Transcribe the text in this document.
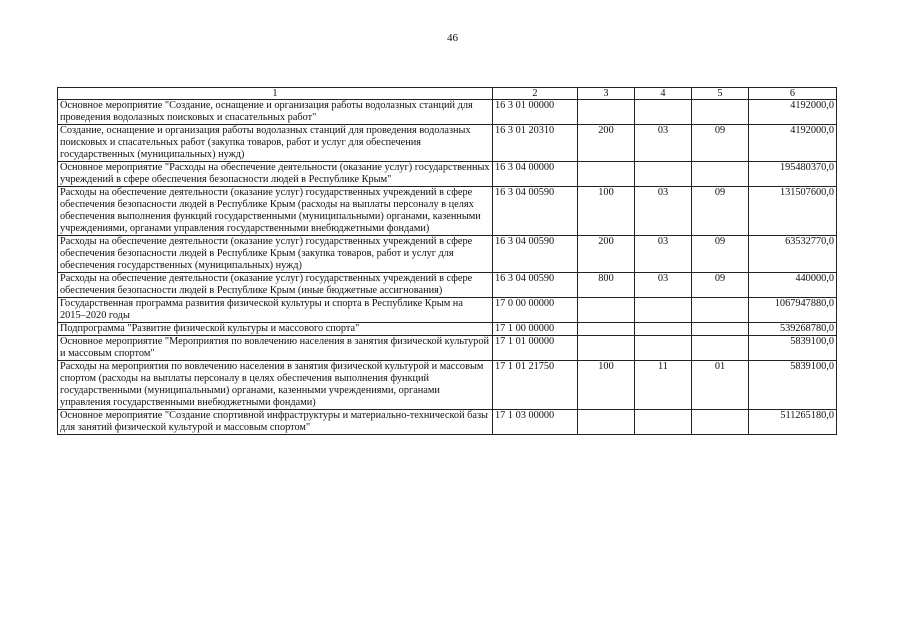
46
1	2	3	4	5	6
Основное мероприятие "Создание, оснащение и организация работы водолазных станций для проведения водолазных поисковых и спасательных работ"	16 3 01 00000				4192000,0
Создание, оснащение и организация работы водолазных станций для проведения водолазных поисковых и спасательных работ (закупка товаров, работ и услуг для обеспечения государственных (муниципальных) нужд)	16 3 01 20310	200	03	09	4192000,0
Основное мероприятие "Расходы на обеспечение деятельности (оказание услуг) государственных учреждений в сфере обеспечения безопасности людей в Республике Крым"	16 3 04 00000				195480370,0
Расходы на обеспечение деятельности (оказание услуг) государственных учреждений в сфере обеспечения безопасности людей в Республике Крым (расходы на выплаты персоналу в целях обеспечения выполнения функций государственными (муниципальными) органами, казенными учреждениями, органами управления государственными внебюджетными фондами)	16 3 04 00590	100	03	09	131507600,0
Расходы на обеспечение деятельности (оказание услуг) государственных учреждений в сфере обеспечения безопасности людей в Республике Крым (закупка товаров, работ и услуг для обеспечения государственных (муниципальных) нужд)	16 3 04 00590	200	03	09	63532770,0
Расходы на обеспечение деятельности (оказание услуг) государственных учреждений в сфере обеспечения безопасности людей в Республике Крым (иные бюджетные ассигнования)	16 3 04 00590	800	03	09	440000,0
Государственная программа развития физической культуры и спорта в Республике Крым на 2015–2020 годы	17 0 00 00000				1067947880,0
Подпрограмма "Развитие физической культуры и массового спорта"	17 1 00 00000				539268780,0
Основное мероприятие "Мероприятия по вовлечению населения в занятия физической культурой и массовым спортом"	17 1 01 00000				5839100,0
Расходы на мероприятия по вовлечению населения в занятия физической культурой и массовым спортом (расходы на выплаты персоналу в целях обеспечения выполнения функций государственными (муниципальными) органами, казенными учреждениями, органами управления государственными внебюджетными фондами)	17 1 01 21750	100	11	01	5839100,0
Основное мероприятие "Создание спортивной инфраструктуры и материально-технической базы для занятий физической культурой и массовым спортом"	17 1 03 00000				511265180,0
